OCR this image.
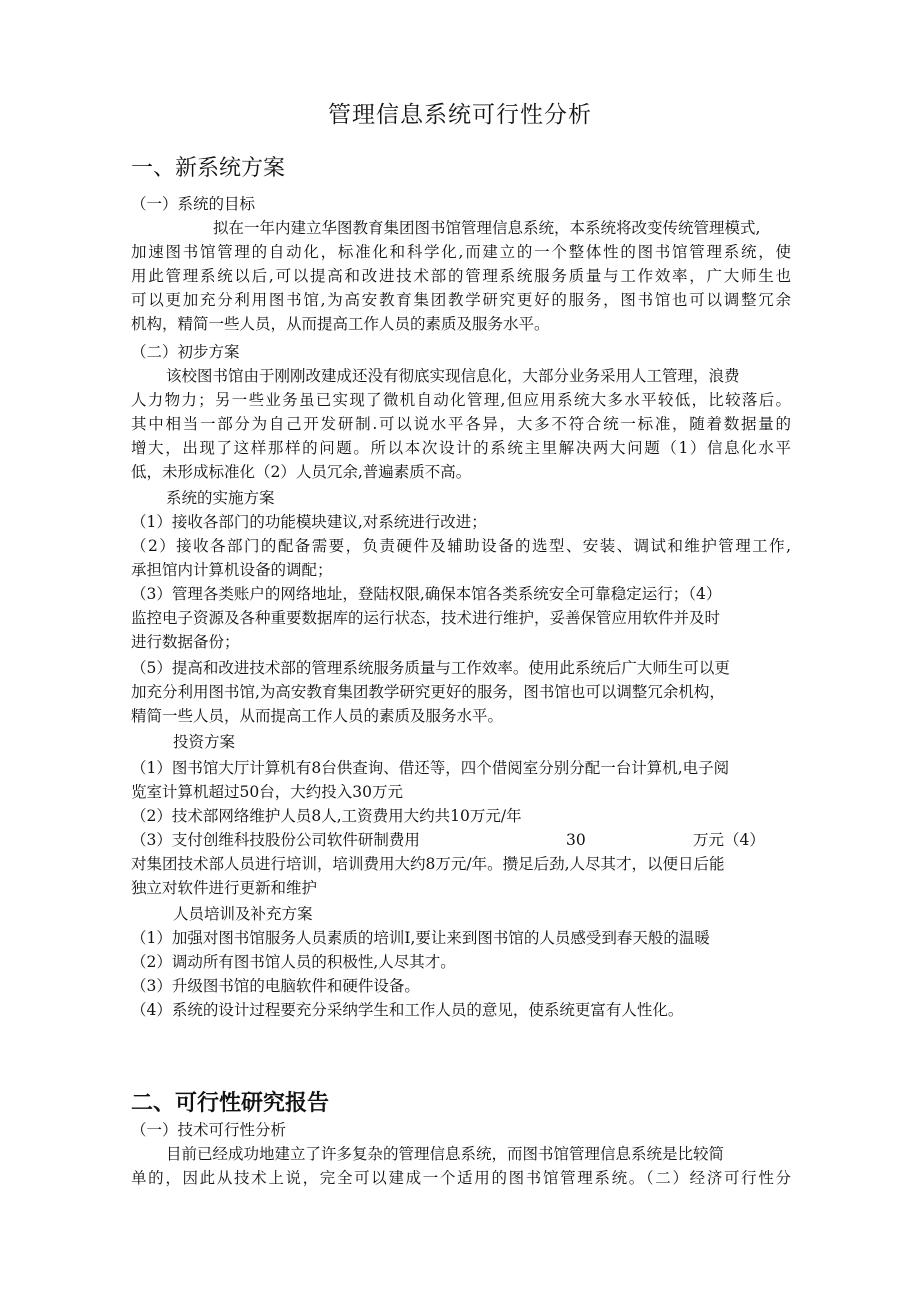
管理信息系统可行性分析
一、新系统方案
（一）系统的目标
拟在一年内建立华图教育集团图书馆管理信息系统，本系统将改变传统管理模式,
加速图书馆管理的自动化，标准化和科学化,而建立的一个整体性的图书馆管理系统，使
用此管理系统以后,可以提高和改进技术部的管理系统服务质量与工作效率，广大师生也
可以更加充分利用图书馆,为高安教育集团教学研究更好的服务，图书馆也可以调整冗余
机构，精简一些人员，从而提高工作人员的素质及服务水平。
（二）初步方案
该校图书馆由于刚刚改建成还没有彻底实现信息化，大部分业务采用人工管理，浪费
人力物力；另一些业务虽已实现了微机自动化管理,但应用系统大多水平较低，比较落后。
其中相当一部分为自己开发研制.可以说水平各异，大多不符合统一标准，随着数据量的
增大，出现了这样那样的问题。所以本次设计的系统主里解决两大问题（1）信息化水平
低，未形成标准化（2）人员冗余,普遍素质不高。
系统的实施方案
（1）接收各部门的功能模块建议,对系统进行改进；
（2）接收各部门的配备需要，负责硬件及辅助设备的选型、安装、调试和维护管理工作,
承担馆内计算机设备的调配；
（3）管理各类账户的网络地址，登陆权限,确保本馆各类系统安全可靠稳定运行；（4）
监控电子资源及各种重要数据库的运行状态，技术进行维护，妥善保管应用软件并及时
进行数据备份；
（5）提高和改进技术部的管理系统服务质量与工作效率。使用此系统后广大师生可以更
加充分利用图书馆,为高安教育集团教学研究更好的服务，图书馆也可以调整冗余机构，
精简一些人员，从而提高工作人员的素质及服务水平。
投资方案
（1）图书馆大厅计算机有8台供查询、借还等，四个借阅室分别分配一台计算机,电子阅
览室计算机超过50台，大约投入30万元
（2）技术部网络维护人员8人,工资费用大约共10万元/年
（3）支付创维科技股份公司软件研制费用	30	万元（4）
对集团技术部人员进行培训，培训费用大约8万元/年。攒足后劲,人尽其才，以便日后能
独立对软件进行更新和维护
人员培训及补充方案
（1）加强对图书馆服务人员素质的培训I,要让来到图书馆的人员感受到春天般的温暖
（2）调动所有图书馆人员的积极性,人尽其才。
（3）升级图书馆的电脑软件和硬件设备。
（4）系统的设计过程要充分采纳学生和工作人员的意见，使系统更富有人性化。
二、可行性研究报告
（一）技术可行性分析
目前已经成功地建立了许多复杂的管理信息系统，而图书馆管理信息系统是比较简
单的，因此从技术上说，完全可以建成一个适用的图书馆管理系统。（二）经济可行性分
